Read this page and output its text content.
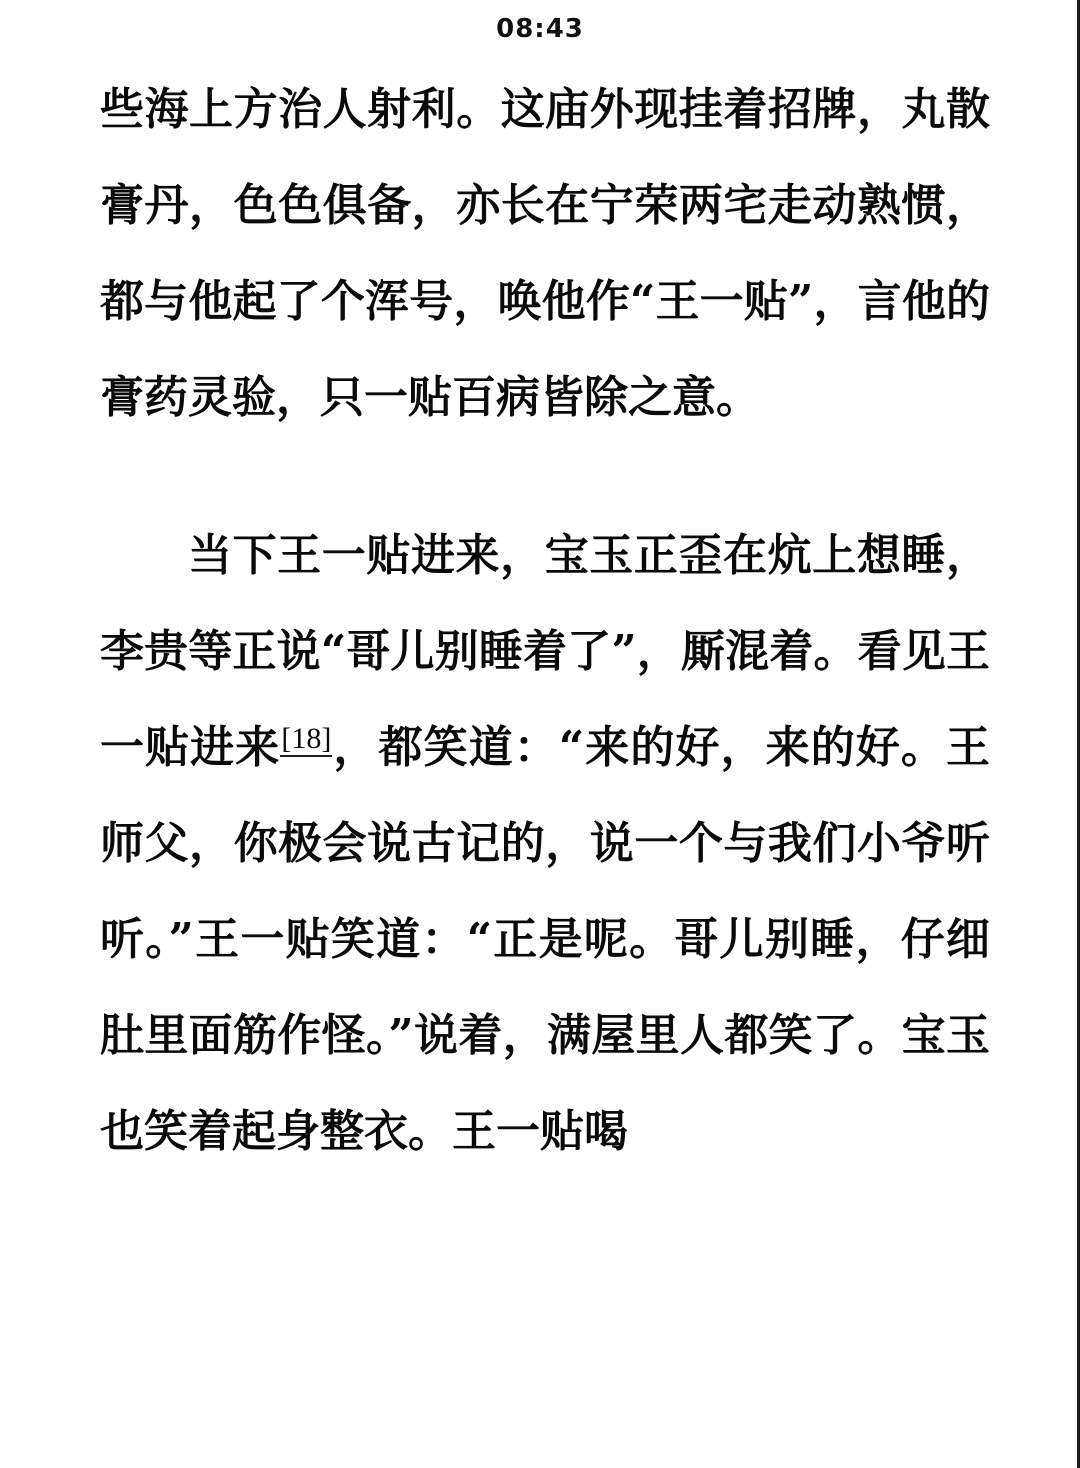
08:43

些海上方治人射利。这庙外现挂着招牌，丸散膏丹，色色俱备，亦长在宁荣两宅走动熟惯，都与他起了个浑号，唤他作“王一贴”，言他的膏药灵验，只一贴百病皆除之意。

当下王一贴进来，宝玉正歪在炕上想睡，李贵等正说“哥儿别睡着了”，厮混着。看见王一贴进来[18]，都笑道：“来的好，来的好。王师父，你极会说古记的，说一个与我们小爷听听。”王一贴笑道：“正是呢。哥儿别睡，仔细肚里面筋作怪。”说着，满屋里人都笑了。宝玉也笑着起身整衣。王一贴喝
